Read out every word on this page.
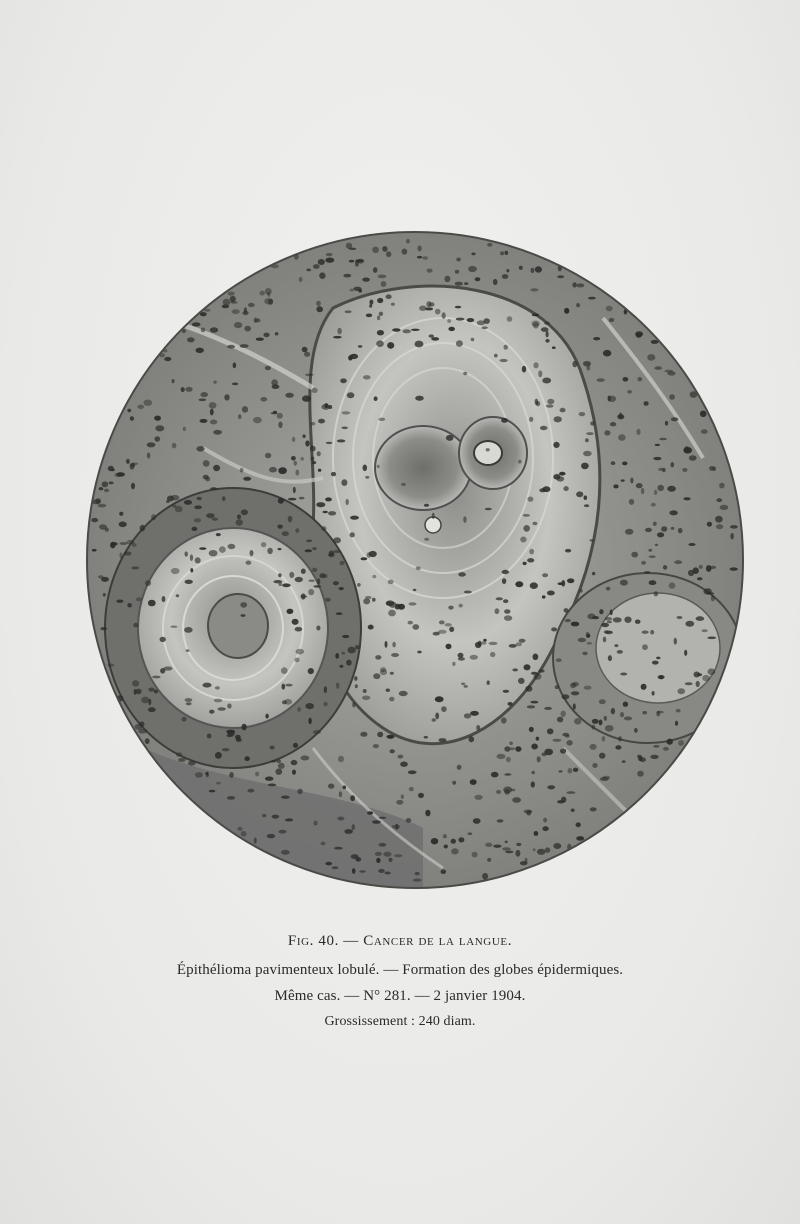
Fig. 40. — Cancer de la langue.
Épithélioma pavimenteux lobulé. — Formation des globes épidermiques.
Même cas. — N° 281. — 2 janvier 1904.
Grossissement : 240 diam.
